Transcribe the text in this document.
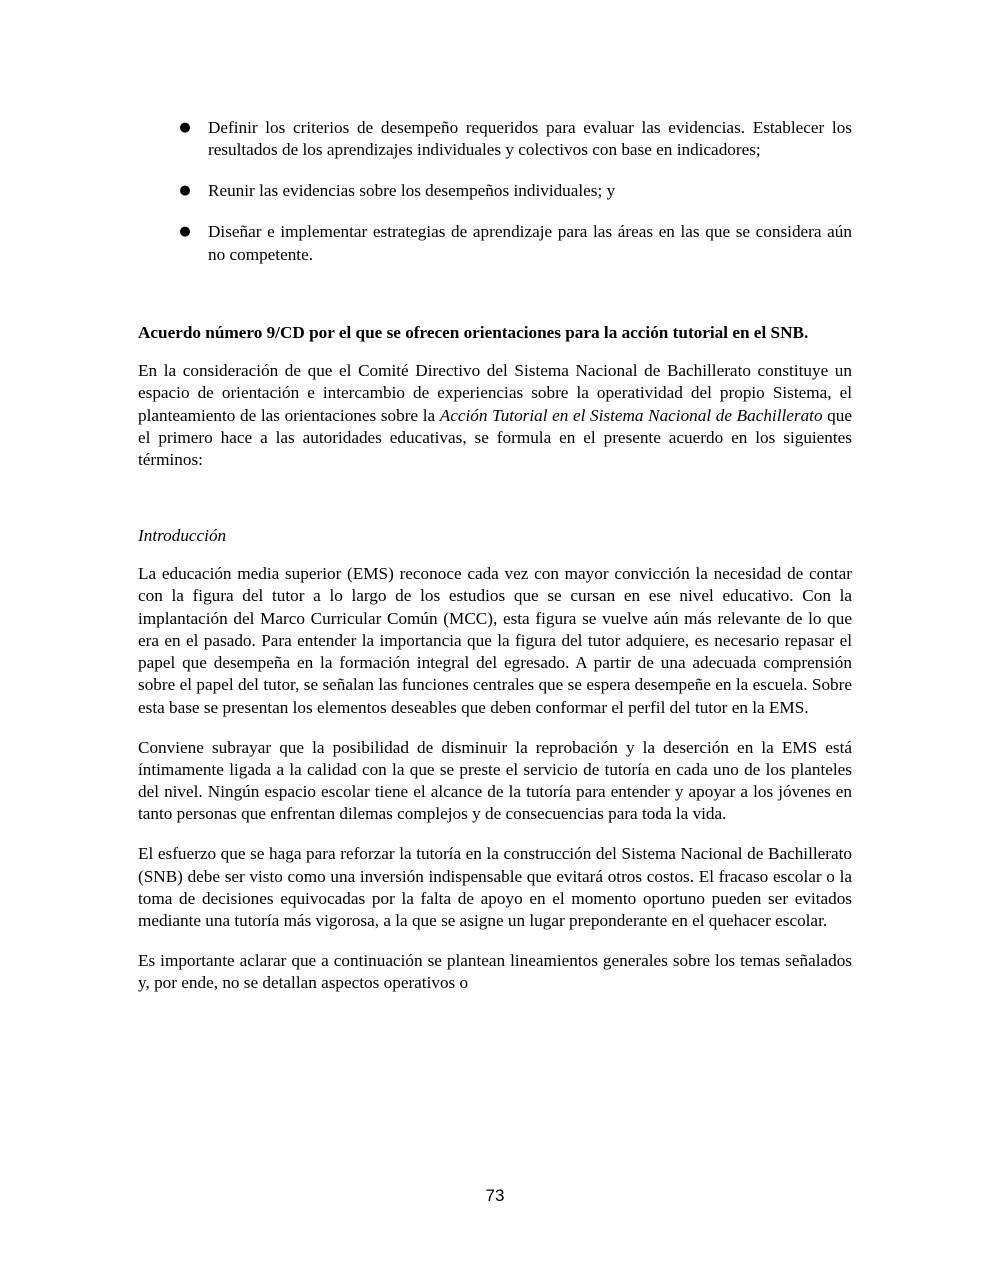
● Definir los criterios de desempeño requeridos para evaluar las evidencias. Establecer los resultados de los aprendizajes individuales y colectivos con base en indicadores;
● Reunir las evidencias sobre los desempeños individuales; y
● Diseñar e implementar estrategias de aprendizaje para las áreas en las que se considera aún no competente.

Acuerdo número 9/CD por el que se ofrecen orientaciones para la acción tutorial en el SNB.

En la consideración de que el Comité Directivo del Sistema Nacional de Bachillerato constituye un espacio de orientación e intercambio de experiencias sobre la operatividad del propio Sistema, el planteamiento de las orientaciones sobre la Acción Tutorial en el Sistema Nacional de Bachillerato que el primero hace a las autoridades educativas, se formula en el presente acuerdo en los siguientes términos:

Introducción

La educación media superior (EMS) reconoce cada vez con mayor convicción la necesidad de contar con la figura del tutor a lo largo de los estudios que se cursan en ese nivel educativo. Con la implantación del Marco Curricular Común (MCC), esta figura se vuelve aún más relevante de lo que era en el pasado. Para entender la importancia que la figura del tutor adquiere, es necesario repasar el papel que desempeña en la formación integral del egresado. A partir de una adecuada comprensión sobre el papel del tutor, se señalan las funciones centrales que se espera desempeñe en la escuela. Sobre esta base se presentan los elementos deseables que deben conformar el perfil del tutor en la EMS.

Conviene subrayar que la posibilidad de disminuir la reprobación y la deserción en la EMS está íntimamente ligada a la calidad con la que se preste el servicio de tutoría en cada uno de los planteles del nivel. Ningún espacio escolar tiene el alcance de la tutoría para entender y apoyar a los jóvenes en tanto personas que enfrentan dilemas complejos y de consecuencias para toda la vida.

El esfuerzo que se haga para reforzar la tutoría en la construcción del Sistema Nacional de Bachillerato (SNB) debe ser visto como una inversión indispensable que evitará otros costos. El fracaso escolar o la toma de decisiones equivocadas por la falta de apoyo en el momento oportuno pueden ser evitados mediante una tutoría más vigorosa, a la que se asigne un lugar preponderante en el quehacer escolar.

Es importante aclarar que a continuación se plantean lineamientos generales sobre los temas señalados y, por ende, no se detallan aspectos operativos o

73
